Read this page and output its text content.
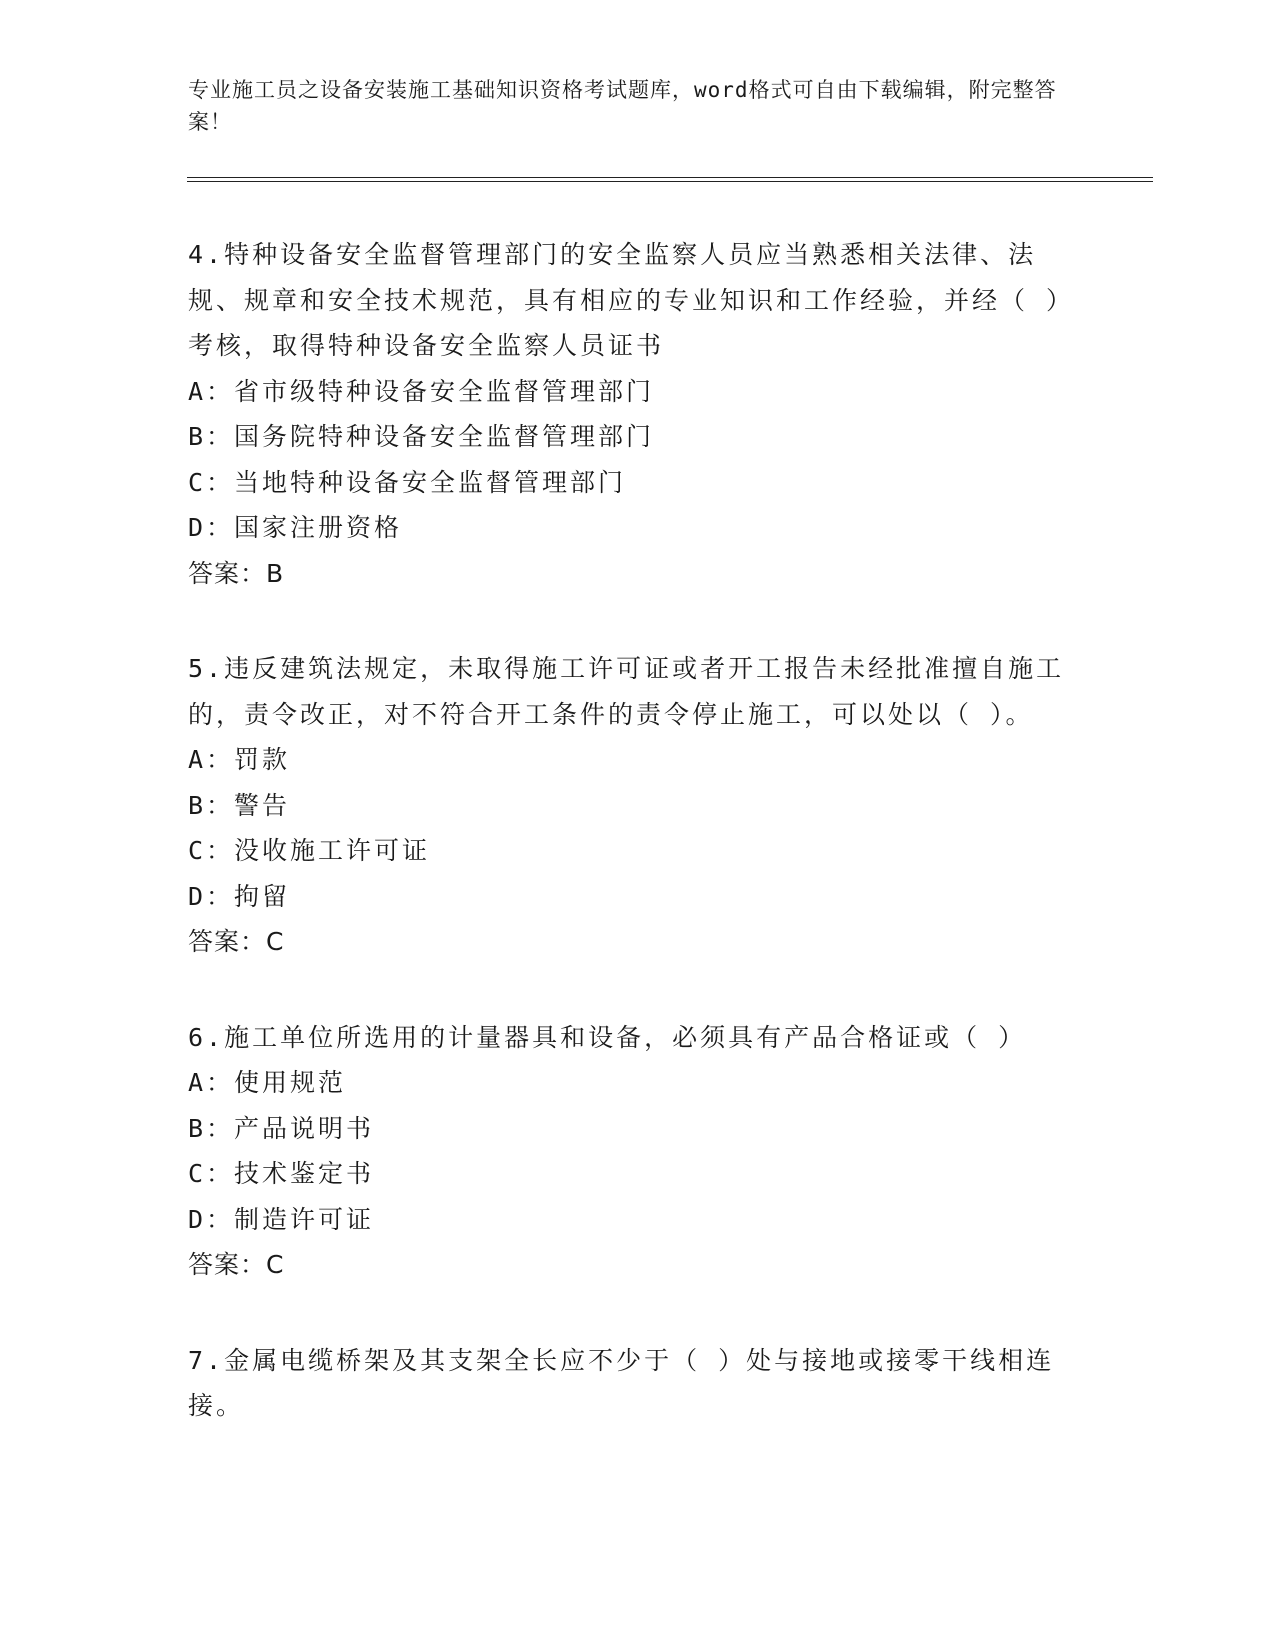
专业施工员之设备安装施工基础知识资格考试题库，word格式可自由下载编辑，附完整答案！

4.特种设备安全监督管理部门的安全监察人员应当熟悉相关法律、法规、规章和安全技术规范，具有相应的专业知识和工作经验，并经（ ）考核，取得特种设备安全监察人员证书

A：省市级特种设备安全监督管理部门

B：国务院特种设备安全监督管理部门

C：当地特种设备安全监督管理部门

D：国家注册资格

答案：B

5.违反建筑法规定，未取得施工许可证或者开工报告未经批准擅自施工的，责令改正，对不符合开工条件的责令停止施工，可以处以（ ）。

A：罚款

B：警告

C：没收施工许可证

D：拘留

答案：C

6.施工单位所选用的计量器具和设备，必须具有产品合格证或（ ）

A：使用规范

B：产品说明书

C：技术鉴定书

D：制造许可证

答案：C

7.金属电缆桥架及其支架全长应不少于（ ）处与接地或接零干线相连接。
